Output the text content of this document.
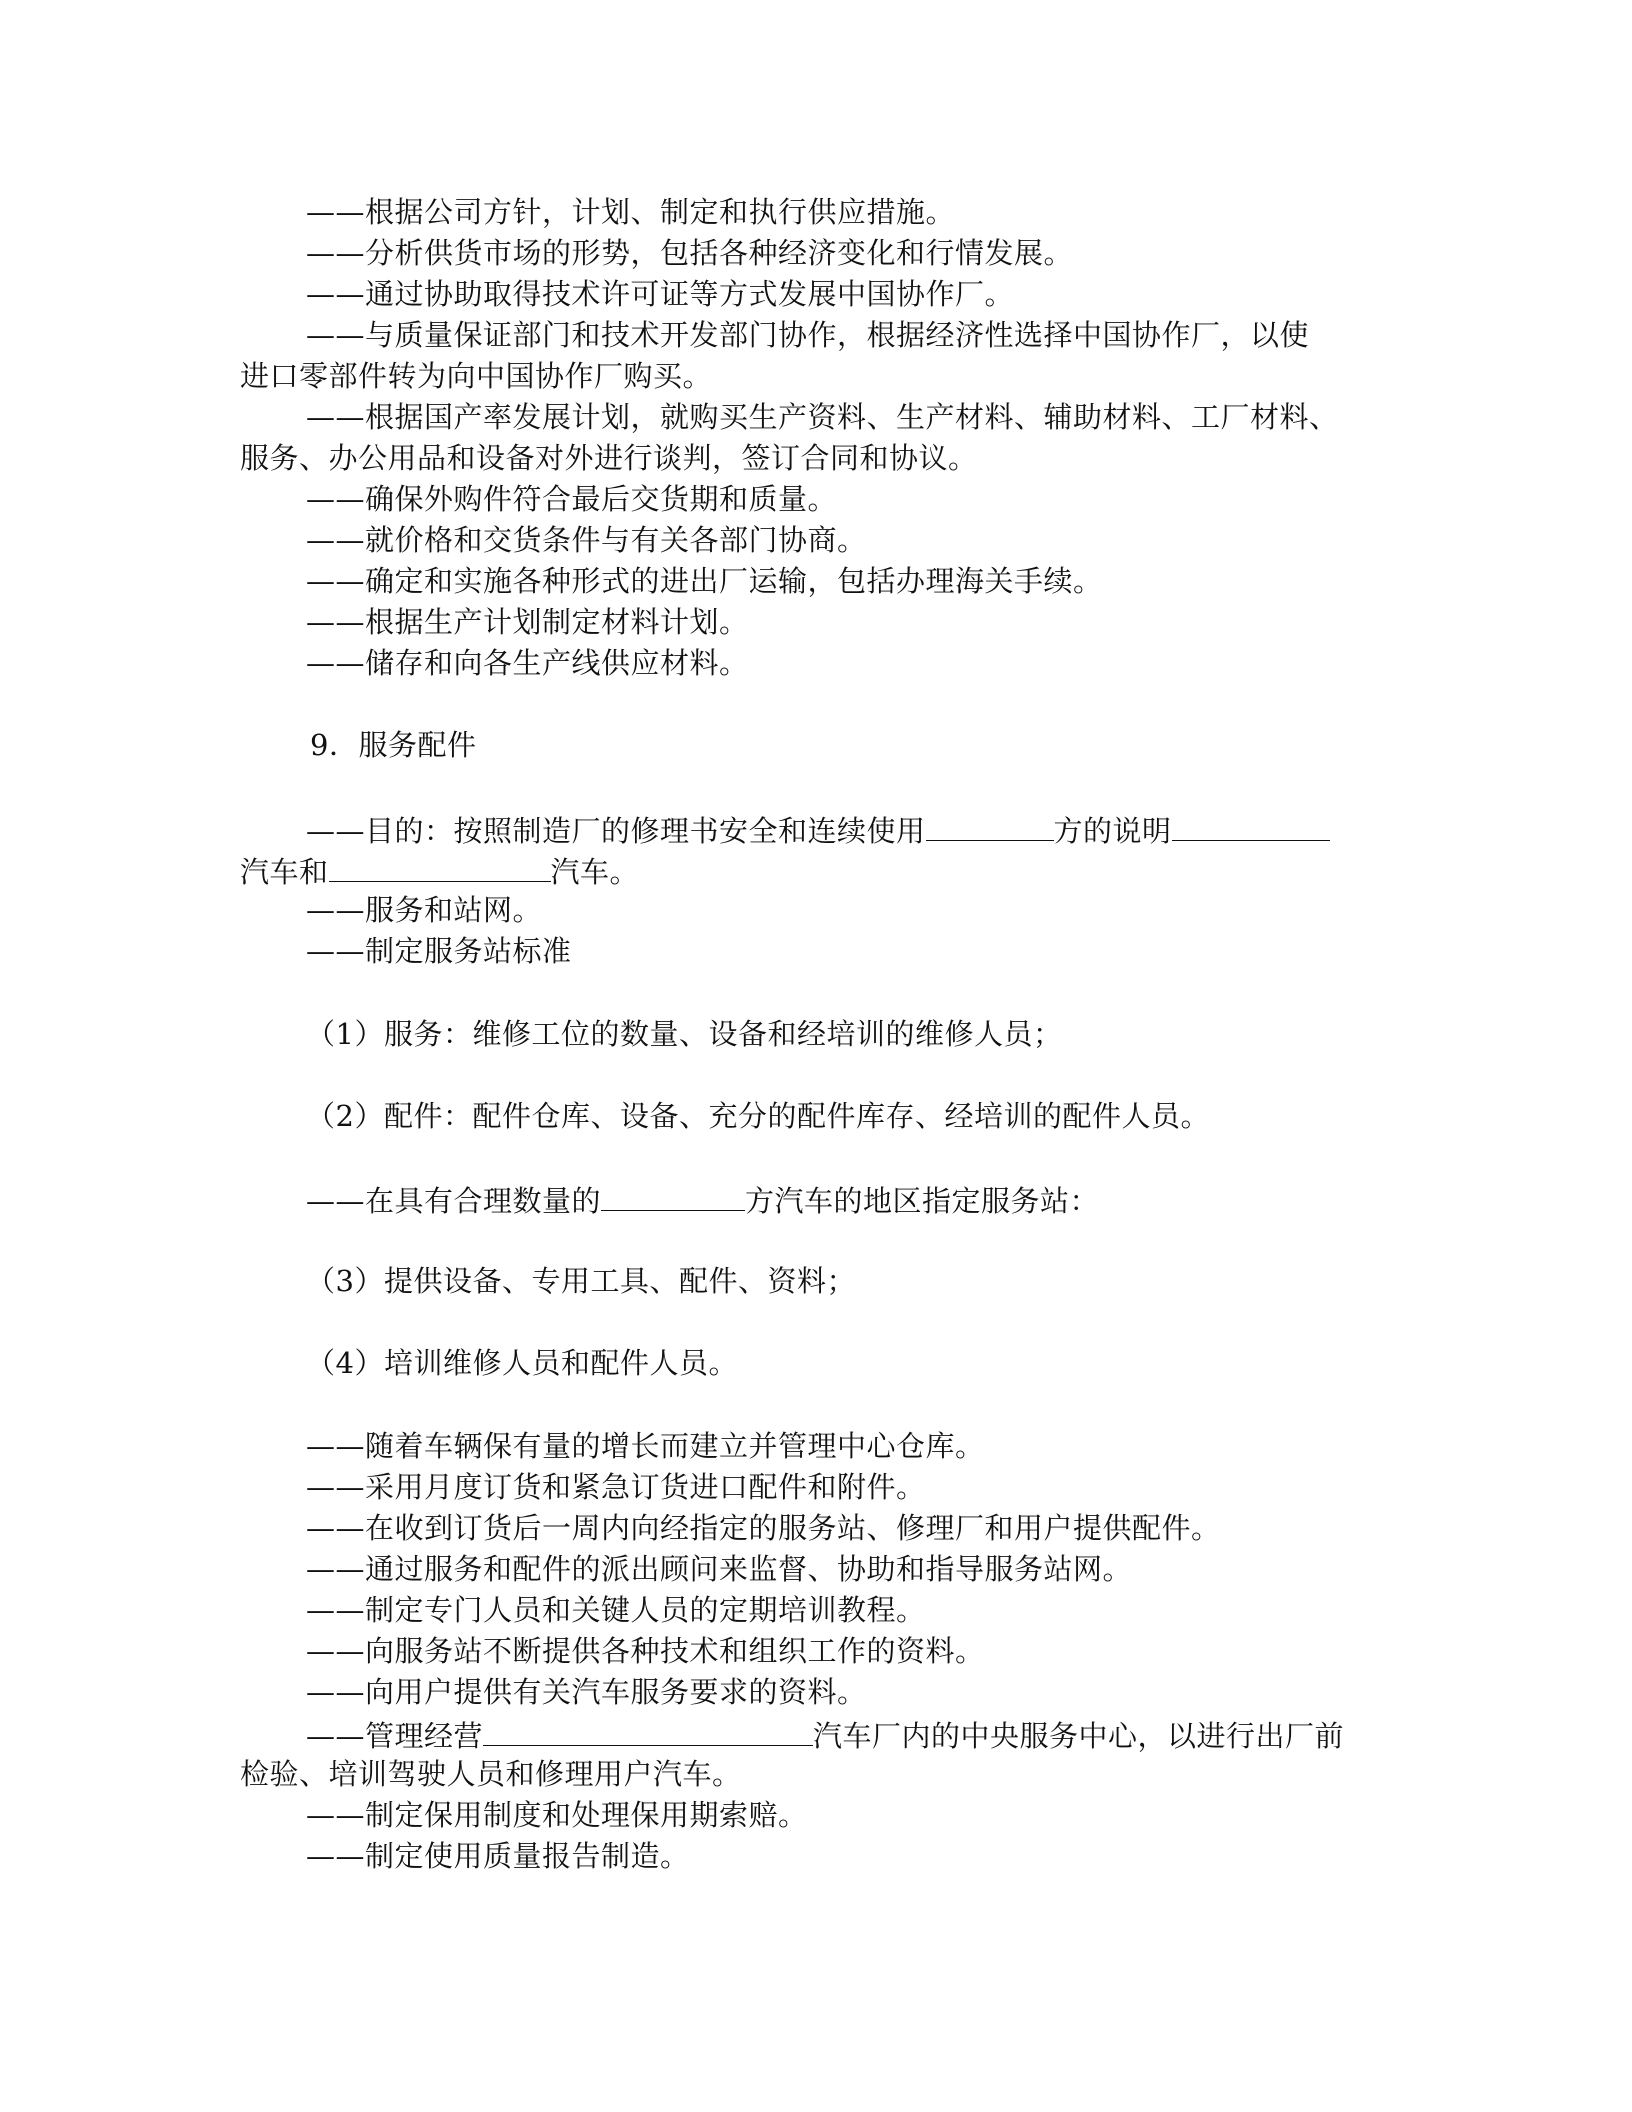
——根据公司方针，计划、制定和执行供应措施。
——分析供货市场的形势，包括各种经济变化和行情发展。
——通过协助取得技术许可证等方式发展中国协作厂。
——与质量保证部门和技术开发部门协作，根据经济性选择中国协作厂，以使
进口零部件转为向中国协作厂购买。
——根据国产率发展计划，就购买生产资料、生产材料、辅助材料、工厂材料、
服务、办公用品和设备对外进行谈判，签订合同和协议。
——确保外购件符合最后交货期和质量。
——就价格和交货条件与有关各部门协商。
——确定和实施各种形式的进出厂运输，包括办理海关手续。
——根据生产计划制定材料计划。
——储存和向各生产线供应材料。
9．服务配件
——目的：按照制造厂的修理书安全和连续使用	方的说明
汽车和	汽车。
——服务和站网。
——制定服务站标准
（1）服务：维修工位的数量、设备和经培训的维修人员；
（2）配件：配件仓库、设备、充分的配件库存、经培训的配件人员。
——在具有合理数量的	方汽车的地区指定服务站：
（3）提供设备、专用工具、配件、资料；
（4）培训维修人员和配件人员。
——随着车辆保有量的增长而建立并管理中心仓库。
——采用月度订货和紧急订货进口配件和附件。
——在收到订货后一周内向经指定的服务站、修理厂和用户提供配件。
——通过服务和配件的派出顾问来监督、协助和指导服务站网。
——制定专门人员和关键人员的定期培训教程。
——向服务站不断提供各种技术和组织工作的资料。
——向用户提供有关汽车服务要求的资料。
——管理经营	汽车厂内的中央服务中心，以进行出厂前
检验、培训驾驶人员和修理用户汽车。
——制定保用制度和处理保用期索赔。
——制定使用质量报告制造。
